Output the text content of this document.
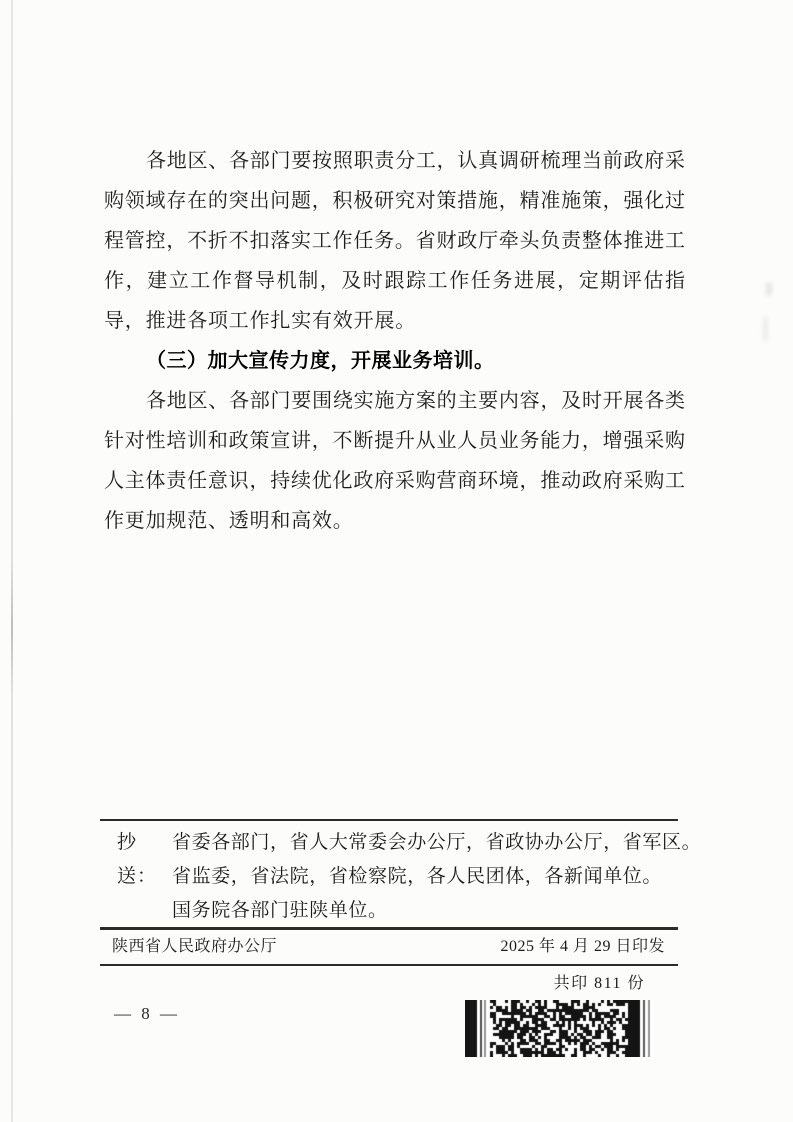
各地区、各部门要按照职责分工，认真调研梳理当前政府采
购领域存在的突出问题，积极研究对策措施，精准施策，强化过
程管控，不折不扣落实工作任务。省财政厅牵头负责整体推进工
作，建立工作督导机制，及时跟踪工作任务进展，定期评估指
导，推进各项工作扎实有效开展。
（三）加大宣传力度，开展业务培训。
各地区、各部门要围绕实施方案的主要内容，及时开展各类
针对性培训和政策宣讲，不断提升从业人员业务能力，增强采购
人主体责任意识，持续优化政府采购营商环境，推动政府采购工
作更加规范、透明和高效。
抄送：
省委各部门，省人大常委会办公厅，省政协办公厅，省军区。
省监委，省法院，省检察院，各人民团体，各新闻单位。
国务院各部门驻陕单位。
陕西省人民政府办公厅	2025 年 4 月 29 日印发
共印 811 份
— 8 —
